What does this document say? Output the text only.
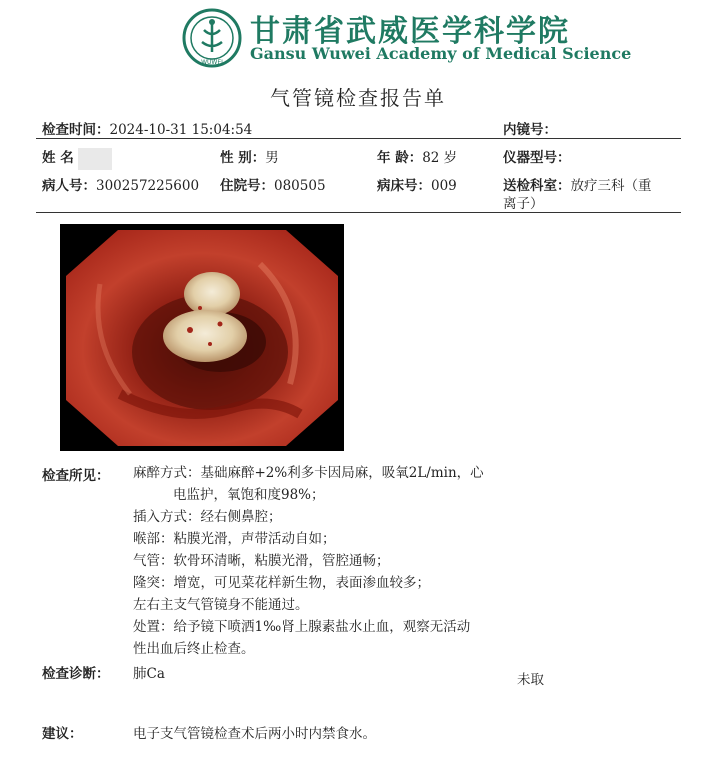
WUWEI
甘肃省武威医学科学院
Gansu Wuwei Academy of Medical Science
气管镜检查报告单
检查时间：2024-10-31 15:04:54	内镜号：
姓 名	性 别：男	年 龄：82 岁	仪器型号：
病人号：300257225600 住院号：080505	病床号：009	送检科室：放疗三科（重
离子）
检查所见： 麻醉方式：基础麻醉+2%利多卡因局麻，吸氧2L/min，心
电监护，氧饱和度98%；
插入方式：经右侧鼻腔；
喉部：粘膜光滑，声带活动自如；
气管：软骨环清晰，粘膜光滑，管腔通畅；
隆突：增宽，可见菜花样新生物，表面渗血较多；
左右主支气管镜身不能通过。
处置：给予镜下喷洒1‰肾上腺素盐水止血，观察无活动
性出血后终止检查。
检查诊断： 肺Ca	未取
建议：	电子支气管镜检查术后两小时内禁食水。
